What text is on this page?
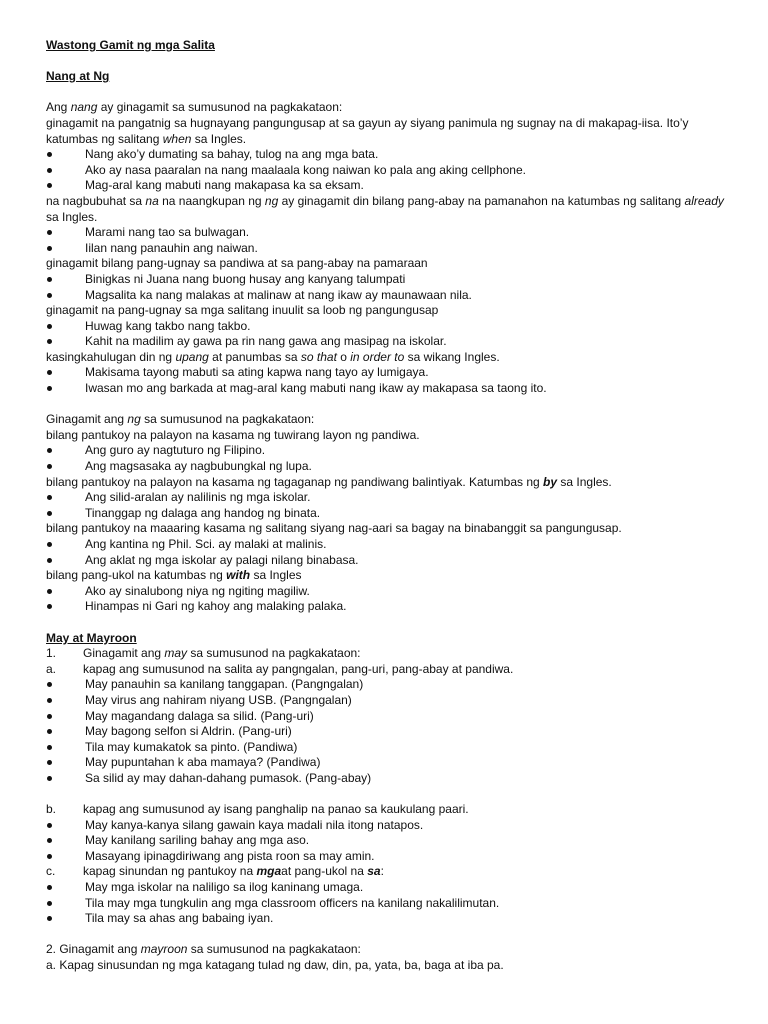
Wastong Gamit ng mga Salita
Nang at Ng
Ang nang ay ginagamit sa sumusunod na pagkakataon:
ginagamit na pangatnig sa hugnayang pangungusap at sa gayun ay siyang panimula ng sugnay na di makapag-iisa. Ito’y katumbas ng salitang when sa Ingles.
Nang ako’y dumating sa bahay, tulog na ang mga bata.
Ako ay nasa paaralan na nang maalaala kong naiwan ko pala ang aking cellphone.
Mag-aral kang mabuti nang makapasa ka sa eksam.
na nagbubuhat sa na na naangkupan ng ng ay ginagamit din bilang pang-abay na pamanahon na katumbas ng salitang already sa Ingles.
Marami nang tao sa bulwagan.
Iilan nang panauhin ang naiwan.
ginagamit bilang pang-ugnay sa pandiwa at sa pang-abay na pamaraan
Binigkas ni Juana nang buong husay ang kanyang talumpati
Magsalita ka nang malakas at malinaw at nang ikaw ay maunawaan nila.
ginagamit na pang-ugnay sa mga salitang inuulit sa loob ng pangungusap
Huwag kang takbo nang takbo.
Kahit na madilim ay gawa pa rin nang gawa ang masipag na iskolar.
kasingkahulugan din ng upang at panumbas sa so that o in order to sa wikang Ingles.
Makisama tayong mabuti sa ating kapwa nang tayo ay lumigaya.
Iwasan mo ang barkada at mag-aral kang mabuti nang ikaw ay makapasa sa taong ito.
Ginagamit ang ng sa sumusunod na pagkakataon:
bilang pantukoy na palayon na kasama ng tuwirang layon ng pandiwa.
Ang guro ay nagtuturo ng Filipino.
Ang magsasaka ay nagbubungkal ng lupa.
bilang pantukoy na palayon na kasama ng tagaganap ng pandiwang balintiyak. Katumbas ng by sa Ingles.
Ang silid-aralan ay nalilinis ng mga iskolar.
Tinanggap ng dalaga ang handog ng binata.
bilang pantukoy na maaaring kasama ng salitang siyang nag-aari sa bagay na binabanggit sa pangungusap.
Ang kantina ng Phil. Sci. ay malaki at malinis.
Ang aklat ng mga iskolar ay palagi nilang binabasa.
bilang pang-ukol na katumbas ng with sa Ingles
Ako ay sinalubong niya ng ngiting magiliw.
Hinampas ni Gari ng kahoy ang malaking palaka.
May at Mayroon
1. Ginagamit ang may sa sumusunod na pagkakataon:
a. kapag ang sumusunod na salita ay pangngalan, pang-uri, pang-abay at pandiwa.
May panauhin sa kanilang tanggapan. (Pangngalan)
May virus ang nahiram niyang USB. (Pangngalan)
May magandang dalaga sa silid. (Pang-uri)
May bagong selfon si Aldrin. (Pang-uri)
Tila may kumakatok sa pinto. (Pandiwa)
May pupuntahan k aba mamaya? (Pandiwa)
Sa silid ay may dahan-dahang pumasok. (Pang-abay)
b. kapag ang sumusunod ay isang panghalip na panao sa kaukulang paari.
May kanya-kanya silang gawain kaya madali nila itong natapos.
May kanilang sariling bahay ang mga aso.
Masayang ipinagdiriwang ang pista roon sa may amin.
c. kapag sinundan ng pantukoy na mgaat pang-ukol na sa:
May mga iskolar na naliligo sa ilog kaninang umaga.
Tila may mga tungkulin ang mga classroom officers na kanilang nakalilimutan.
Tila may sa ahas ang babaing iyan.
2. Ginagamit ang mayroon sa sumusunod na pagkakataon:
a. Kapag sinusundan ng mga katagang tulad ng daw, din, pa, yata, ba, baga at iba pa.
